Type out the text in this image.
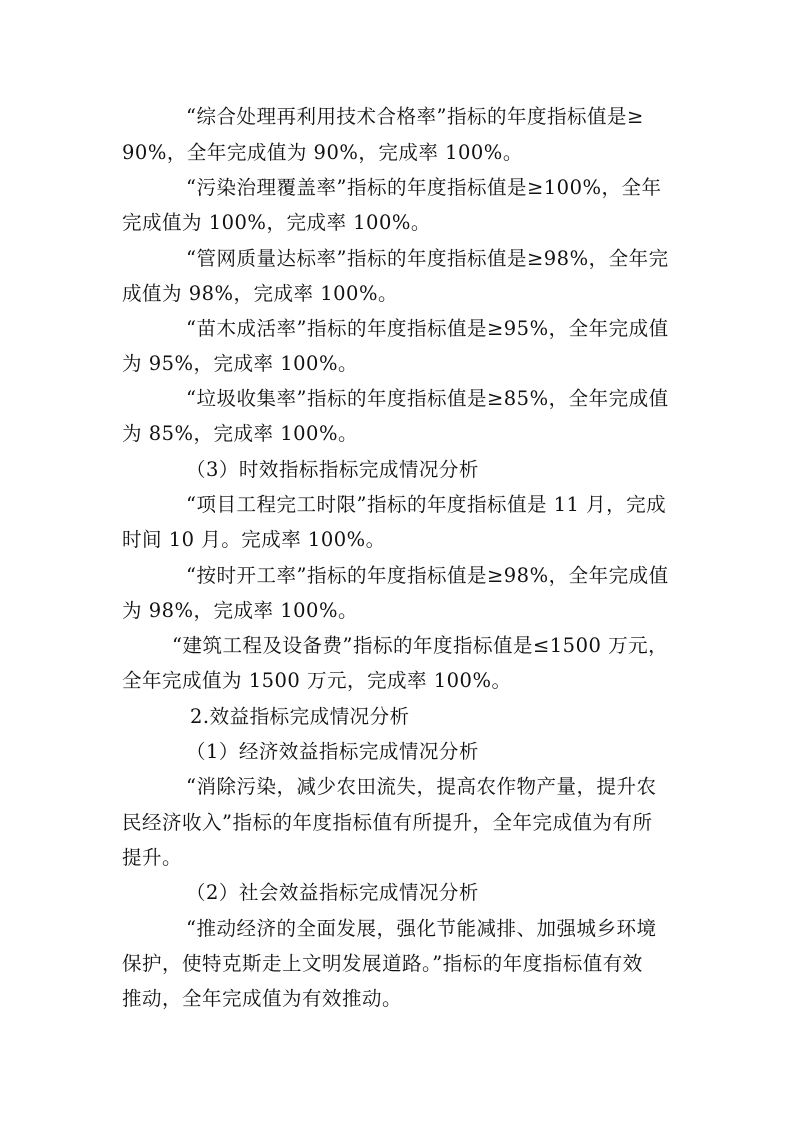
“综合处理再利用技术合格率”指标的年度指标值是≥
90%，全年完成值为 90%，完成率 100%。
“污染治理覆盖率”指标的年度指标值是≥100%，全年
完成值为 100%，完成率 100%。
“管网质量达标率”指标的年度指标值是≥98%，全年完
成值为 98%，完成率 100%。
“苗木成活率”指标的年度指标值是≥95%，全年完成值
为 95%，完成率 100%。
“垃圾收集率”指标的年度指标值是≥85%，全年完成值
为 85%，完成率 100%。
（3）时效指标指标完成情况分析
“项目工程完工时限”指标的年度指标值是 11 月，完成
时间 10 月。完成率 100%。
“按时开工率”指标的年度指标值是≥98%，全年完成值
为 98%，完成率 100%。
“建筑工程及设备费”指标的年度指标值是≤1500 万元，
全年完成值为 1500 万元，完成率 100%。
2.效益指标完成情况分析
（1）经济效益指标完成情况分析
“消除污染，减少农田流失，提高农作物产量，提升农
民经济收入”指标的年度指标值有所提升，全年完成值为有所
提升。
（2）社会效益指标完成情况分析
“推动经济的全面发展，强化节能减排、加强城乡环境
保护，使特克斯走上文明发展道路。”指标的年度指标值有效
推动，全年完成值为有效推动。
